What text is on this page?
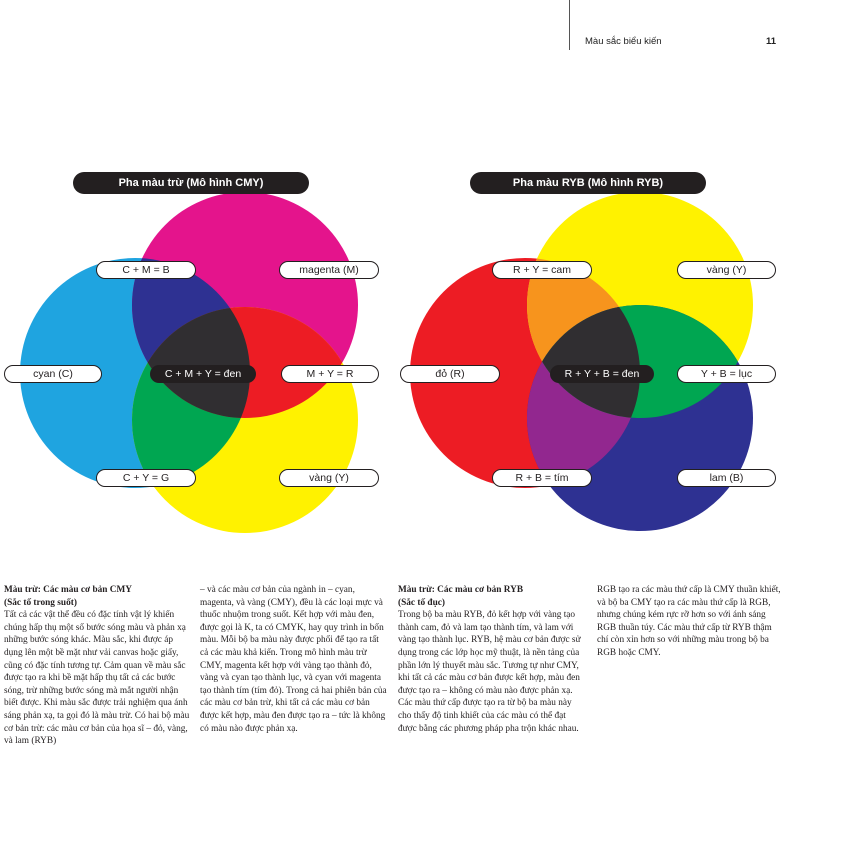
Màu sắc biểu kiến	11
Pha màu trừ (Mô hình CMY)
C + M = B	magenta (M)
cyan (C)	C + M + Y = đen	M + Y = R
C + Y = G	vàng (Y)
Pha màu RYB (Mô hình RYB)
R + Y = cam	vàng (Y)
đỏ (R)	R + Y + B = đen	Y + B = lục
R + B = tím	lam (B)

Màu trừ: Các màu cơ bản CMY

(Sắc tố trong suốt)

Tất cả các vật thể đều có đặc tính vật lý khiến chúng hấp thụ một số bước sóng màu và phản xạ những bước sóng khác. Màu sắc, khi được áp dụng lên một bề mặt như vải canvas hoặc giấy, cũng có đặc tính tương tự. Cảm quan về màu sắc được tạo ra khi bề mặt hấp thụ tất cả các bước sóng, trừ những bước sóng mà mắt người nhận biết được. Khi màu sắc được trải nghiệm qua ánh sáng phản xạ, ta gọi đó là màu trừ. Có hai bộ màu cơ bản trừ: các màu cơ bản của họa sĩ – đỏ, vàng, và lam (RYB)

– và các màu cơ bản của ngành in – cyan, magenta, và vàng (CMY), đều là các loại mực và thuốc nhuộm trong suốt. Kết hợp với màu đen, được gọi là K, ta có CMYK, hay quy trình in bốn màu. Mỗi bộ ba màu này được phối để tạo ra tất cả các màu khả kiến. Trong mô hình màu trừ CMY, magenta kết hợp với vàng tạo thành đỏ, vàng và cyan tạo thành lục, và cyan với magenta tạo thành tím (tím đỏ). Trong cả hai phiên bản của các màu cơ bản trừ, khi tất cả các màu cơ bản được kết hợp, màu đen được tạo ra – tức là không có màu nào được phản xạ.

Màu trừ: Các màu cơ bản RYB

(Sắc tố đục)

Trong bộ ba màu RYB, đỏ kết hợp với vàng tạo thành cam, đỏ và lam tạo thành tím, và lam với vàng tạo thành lục. RYB, hệ màu cơ bản được sử dụng trong các lớp học mỹ thuật, là nền tảng của phần lớn lý thuyết màu sắc. Tương tự như CMY, khi tất cả các màu cơ bản được kết hợp, màu đen được tạo ra – không có màu nào được phản xạ. Các màu thứ cấp được tạo ra từ bộ ba màu này cho thấy độ tinh khiết của các màu có thể đạt được bằng các phương pháp pha trộn khác nhau.

RGB tạo ra các màu thứ cấp là CMY thuần khiết, và bộ ba CMY tạo ra các màu thứ cấp là RGB, nhưng chúng kém rực rỡ hơn so với ánh sáng RGB thuần túy. Các màu thứ cấp từ RYB thậm chí còn xỉn hơn so với những màu trong bộ ba RGB hoặc CMY.
